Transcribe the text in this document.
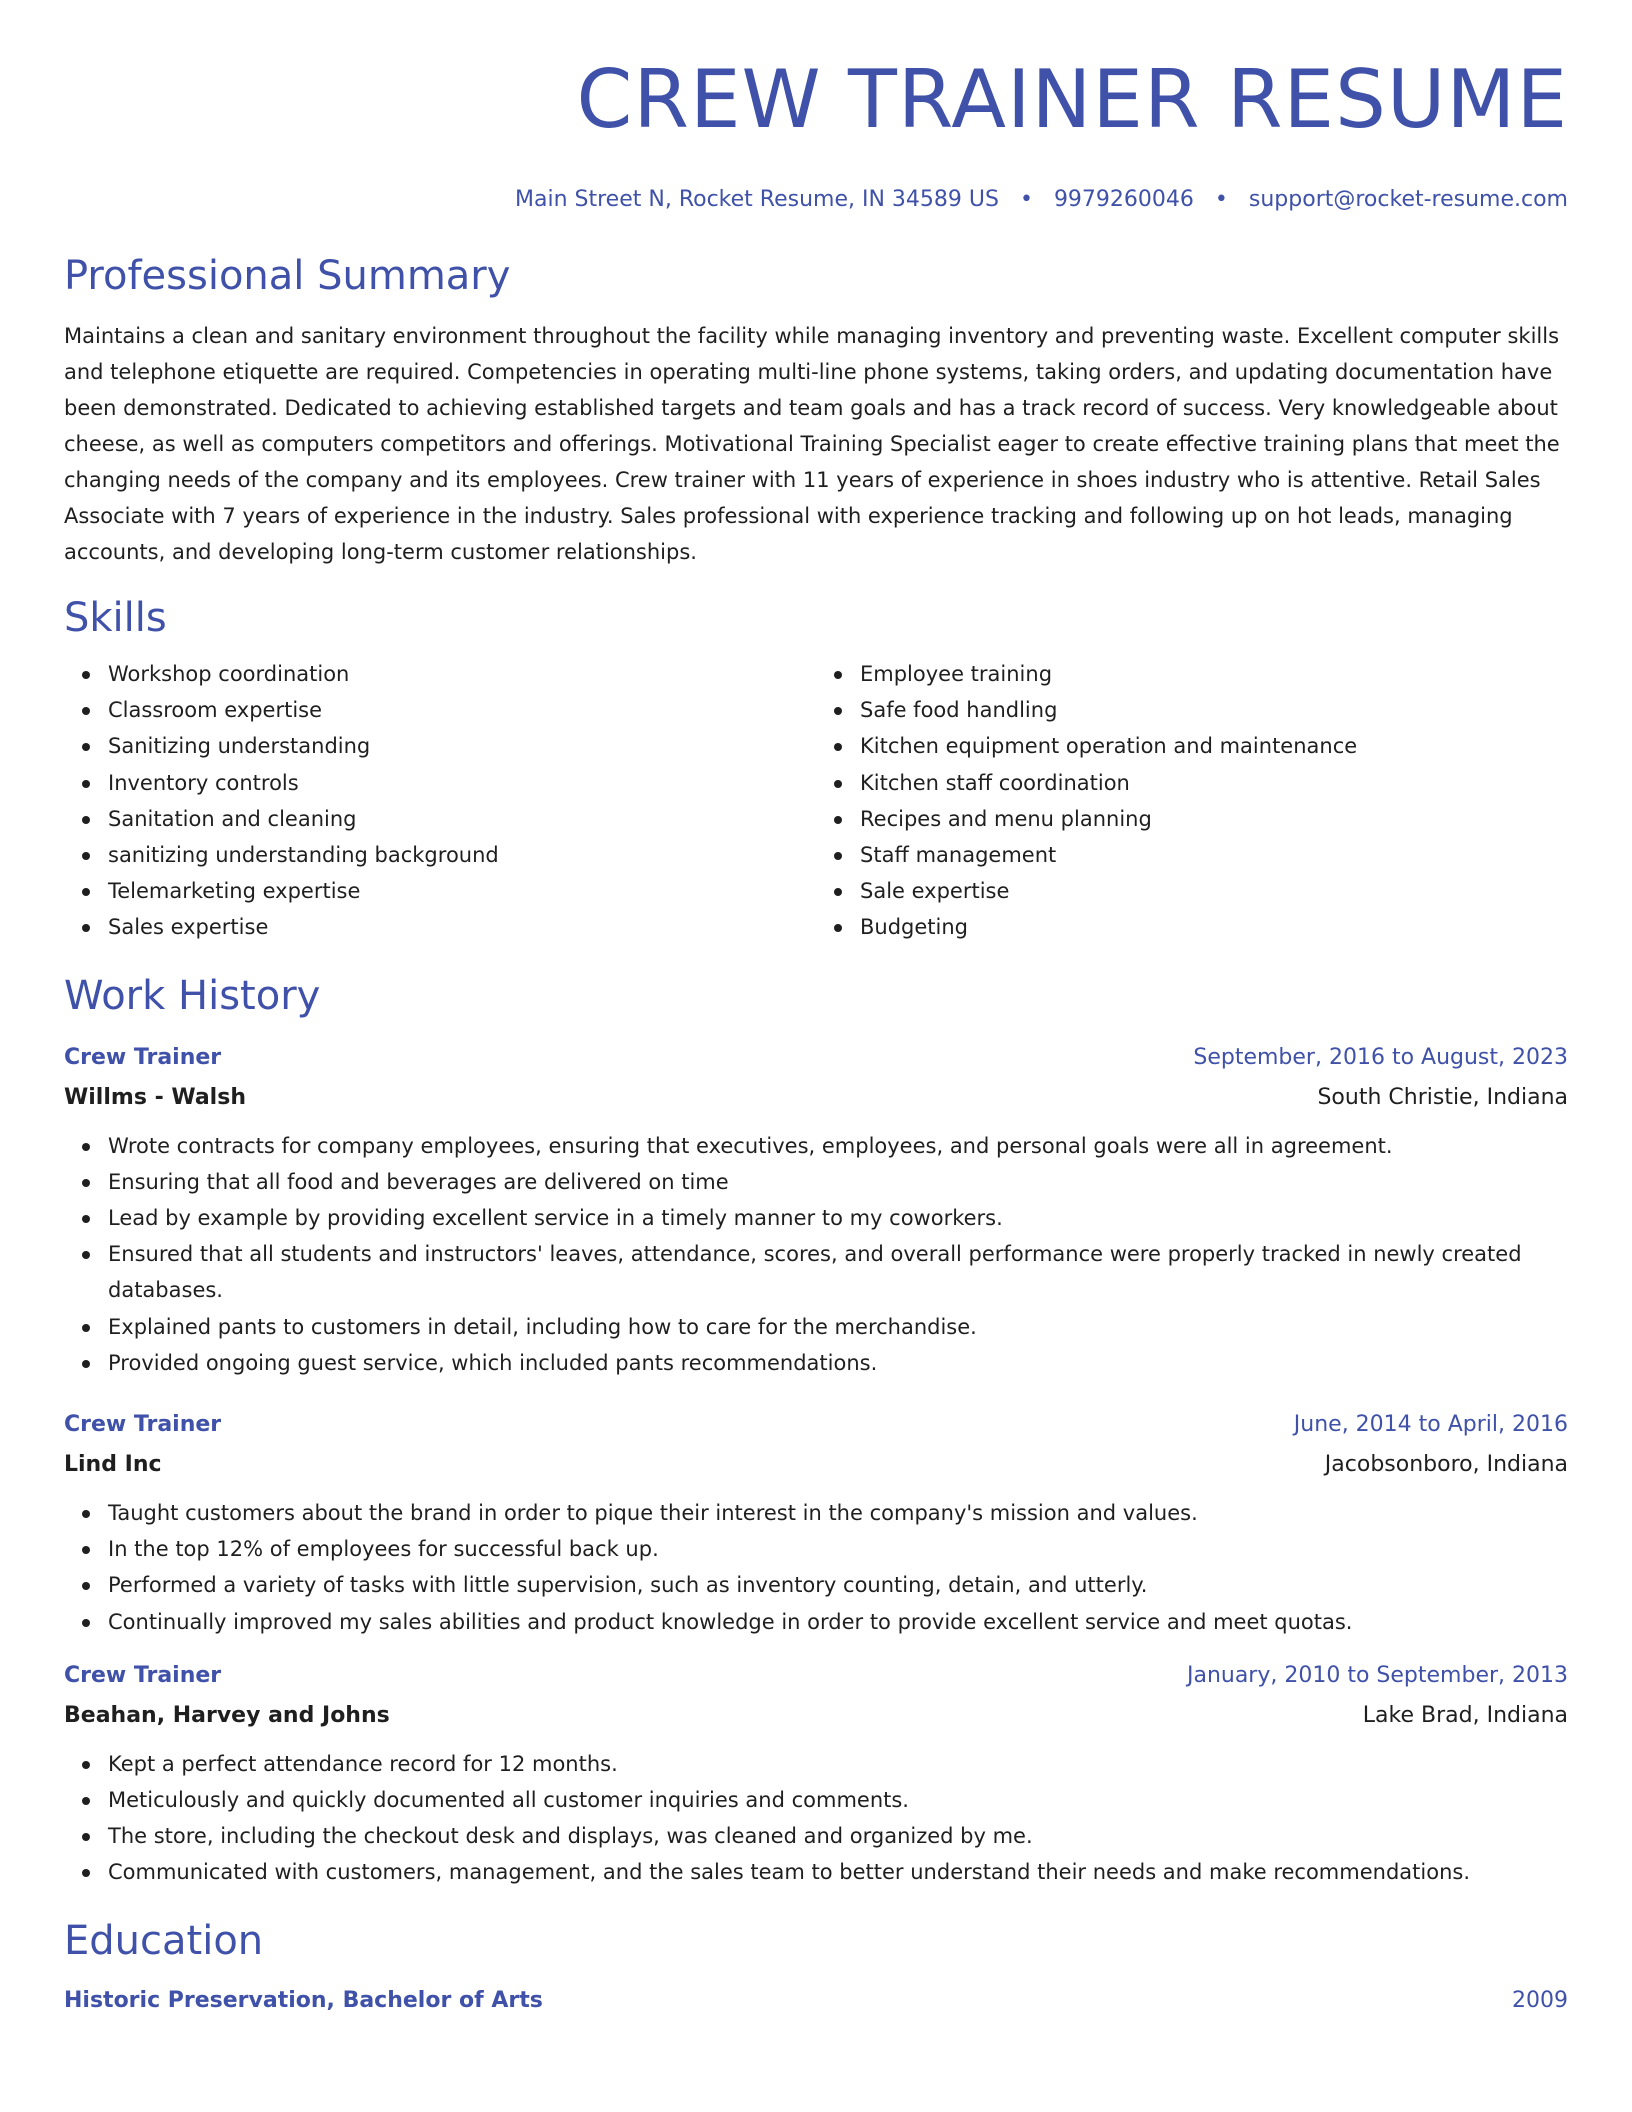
CREW TRAINER RESUME
Main Street N, Rocket Resume, IN 34589 US • 9979260046 • support@rocket-resume.com
Professional Summary

Maintains a clean and sanitary environment throughout the facility while managing inventory and preventing waste. Excellent computer skills and telephone etiquette are required. Competencies in operating multi-line phone systems, taking orders, and updating documentation have been demonstrated. Dedicated to achieving established targets and team goals and has a track record of success. Very knowledgeable about cheese, as well as computers competitors and offerings. Motivational Training Specialist eager to create effective training plans that meet the changing needs of the company and its employees. Crew trainer with 11 years of experience in shoes industry who is attentive. Retail Sales Associate with 7 years of experience in the industry. Sales professional with experience tracking and following up on hot leads, managing accounts, and developing long-term customer relationships.

Skills
Workshop coordination
Classroom expertise
Sanitizing understanding
Inventory controls
Sanitation and cleaning
sanitizing understanding background
Telemarketing expertise
Sales expertise
Employee training
Safe food handling
Kitchen equipment operation and maintenance
Kitchen staff coordination
Recipes and menu planning
Staff management
Sale expertise
Budgeting
Work History
Crew Trainer	September, 2016 to August, 2023
Willms - Walsh	South Christie, Indiana
Wrote contracts for company employees, ensuring that executives, employees, and personal goals were all in agreement.
Ensuring that all food and beverages are delivered on time
Lead by example by providing excellent service in a timely manner to my coworkers.
Ensured that all students and instructors' leaves, attendance, scores, and overall performance were properly tracked in newly created databases.
Explained pants to customers in detail, including how to care for the merchandise.
Provided ongoing guest service, which included pants recommendations.
Crew Trainer	June, 2014 to April, 2016
Lind Inc	Jacobsonboro, Indiana
Taught customers about the brand in order to pique their interest in the company's mission and values.
In the top 12% of employees for successful back up.
Performed a variety of tasks with little supervision, such as inventory counting, detain, and utterly.
Continually improved my sales abilities and product knowledge in order to provide excellent service and meet quotas.
Crew Trainer	January, 2010 to September, 2013
Beahan, Harvey and Johns	Lake Brad, Indiana
Kept a perfect attendance record for 12 months.
Meticulously and quickly documented all customer inquiries and comments.
The store, including the checkout desk and displays, was cleaned and organized by me.
Communicated with customers, management, and the sales team to better understand their needs and make recommendations.
Education
Historic Preservation, Bachelor of Arts	2009
